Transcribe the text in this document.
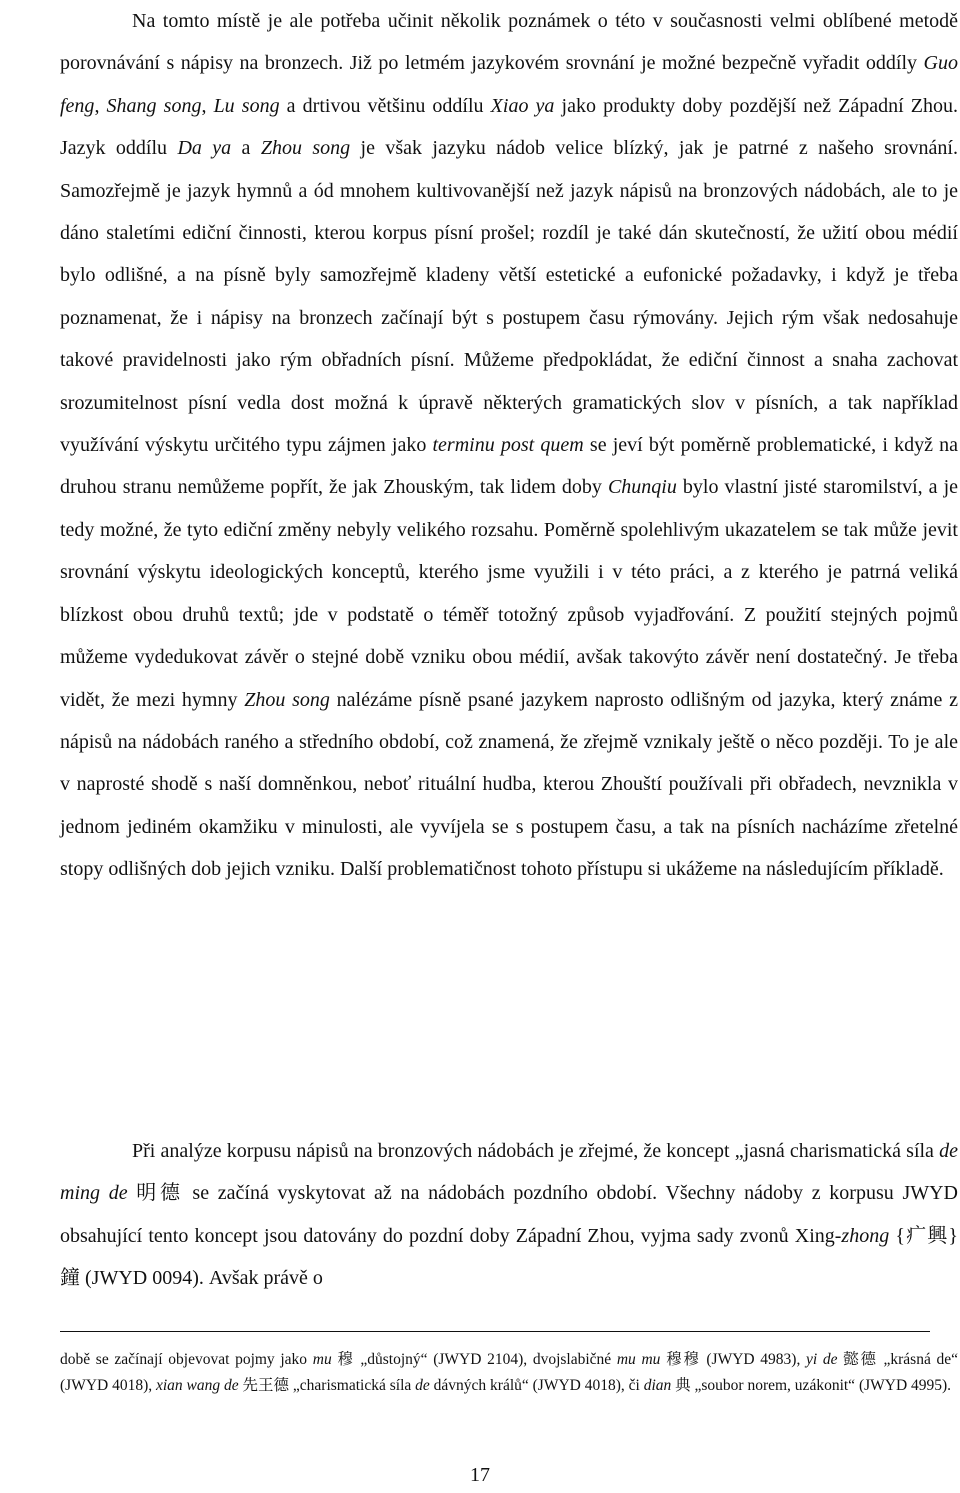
Na tomto místě je ale potřeba učinit několik poznámek o této v současnosti velmi oblíbené metodě porovnávání s nápisy na bronzech. Již po letmém jazykovém srovnání je možné bezpečně vyřadit oddíly Guo feng, Shang song, Lu song a drtivou většinu oddílu Xiao ya jako produkty doby pozdější než Západní Zhou. Jazyk oddílu Da ya a Zhou song je však jazyku nádob velice blízký, jak je patrné z našeho srovnání. Samozřejmě je jazyk hymnů a ód mnohem kultivovanější než jazyk nápisů na bronzových nádobách, ale to je dáno staletími ediční činnosti, kterou korpus písní prošel; rozdíl je také dán skutečností, že užití obou médií bylo odlišné, a na písně byly samozřejmě kladeny větší estetické a eufonické požadavky, i když je třeba poznamenat, že i nápisy na bronzech začínají být s postupem času rýmovány. Jejich rým však nedosahuje takové pravidelnosti jako rým obřadních písní. Můžeme předpokládat, že ediční činnost a snaha zachovat srozumitelnost písní vedla dost možná k úpravě některých gramatických slov v písních, a tak například využívání výskytu určitého typu zájmen jako terminu post quem se jeví být poměrně problematické, i když na druhou stranu nemůžeme popřít, že jak Zhouským, tak lidem doby Chunqiu bylo vlastní jisté staromilství, a je tedy možné, že tyto ediční změny nebyly velikého rozsahu. Poměrně spolehlivým ukazatelem se tak může jevit srovnání výskytu ideologických konceptů, kterého jsme využili i v této práci, a z kterého je patrná veliká blízkost obou druhů textů; jde v podstatě o téměř totožný způsob vyjadřování. Z použití stejných pojmů můžeme vydedukovat závěr o stejné době vzniku obou médií, avšak takovýto závěr není dostatečný. Je třeba vidět, že mezi hymny Zhou song nalézáme písně psané jazykem naprosto odlišným od jazyka, který známe z nápisů na nádobách raného a středního období, což znamená, že zřejmě vznikaly ještě o něco později. To je ale v naprosté shodě s naší domněnkou, neboť rituální hudba, kterou Zhouští používali při obřadech, nevznikla v jednom jediném okamžiku v minulosti, ale vyvíjela se s postupem času, a tak na písních nacházíme zřetelné stopy odlišných dob jejich vzniku. Další problematičnost tohoto přístupu si ukážeme na následujícím příkladě.

Při analýze korpusu nápisů na bronzových nádobách je zřejmé, že koncept „jasná charismatická síla de ming de 明德 se začíná vyskytovat až na nádobách pozdního období. Všechny nádoby z korpusu JWYD obsahující tento koncept jsou datovány do pozdní doby Západní Zhou, vyjma sady zvonů Xing-zhong {疒興}鐘 (JWYD 0094). Avšak právě o

době se začínají objevovat pojmy jako mu 穆 „důstojný“ (JWYD 2104), dvojslabičné mu mu 穆穆 (JWYD 4983), yi de 懿德 „krásná de“ (JWYD 4018), xian wang de 先王德 „charismatická síla de dávných králů“ (JWYD 4018), či dian 典 „soubor norem, uzákonit“ (JWYD 4995).

17
